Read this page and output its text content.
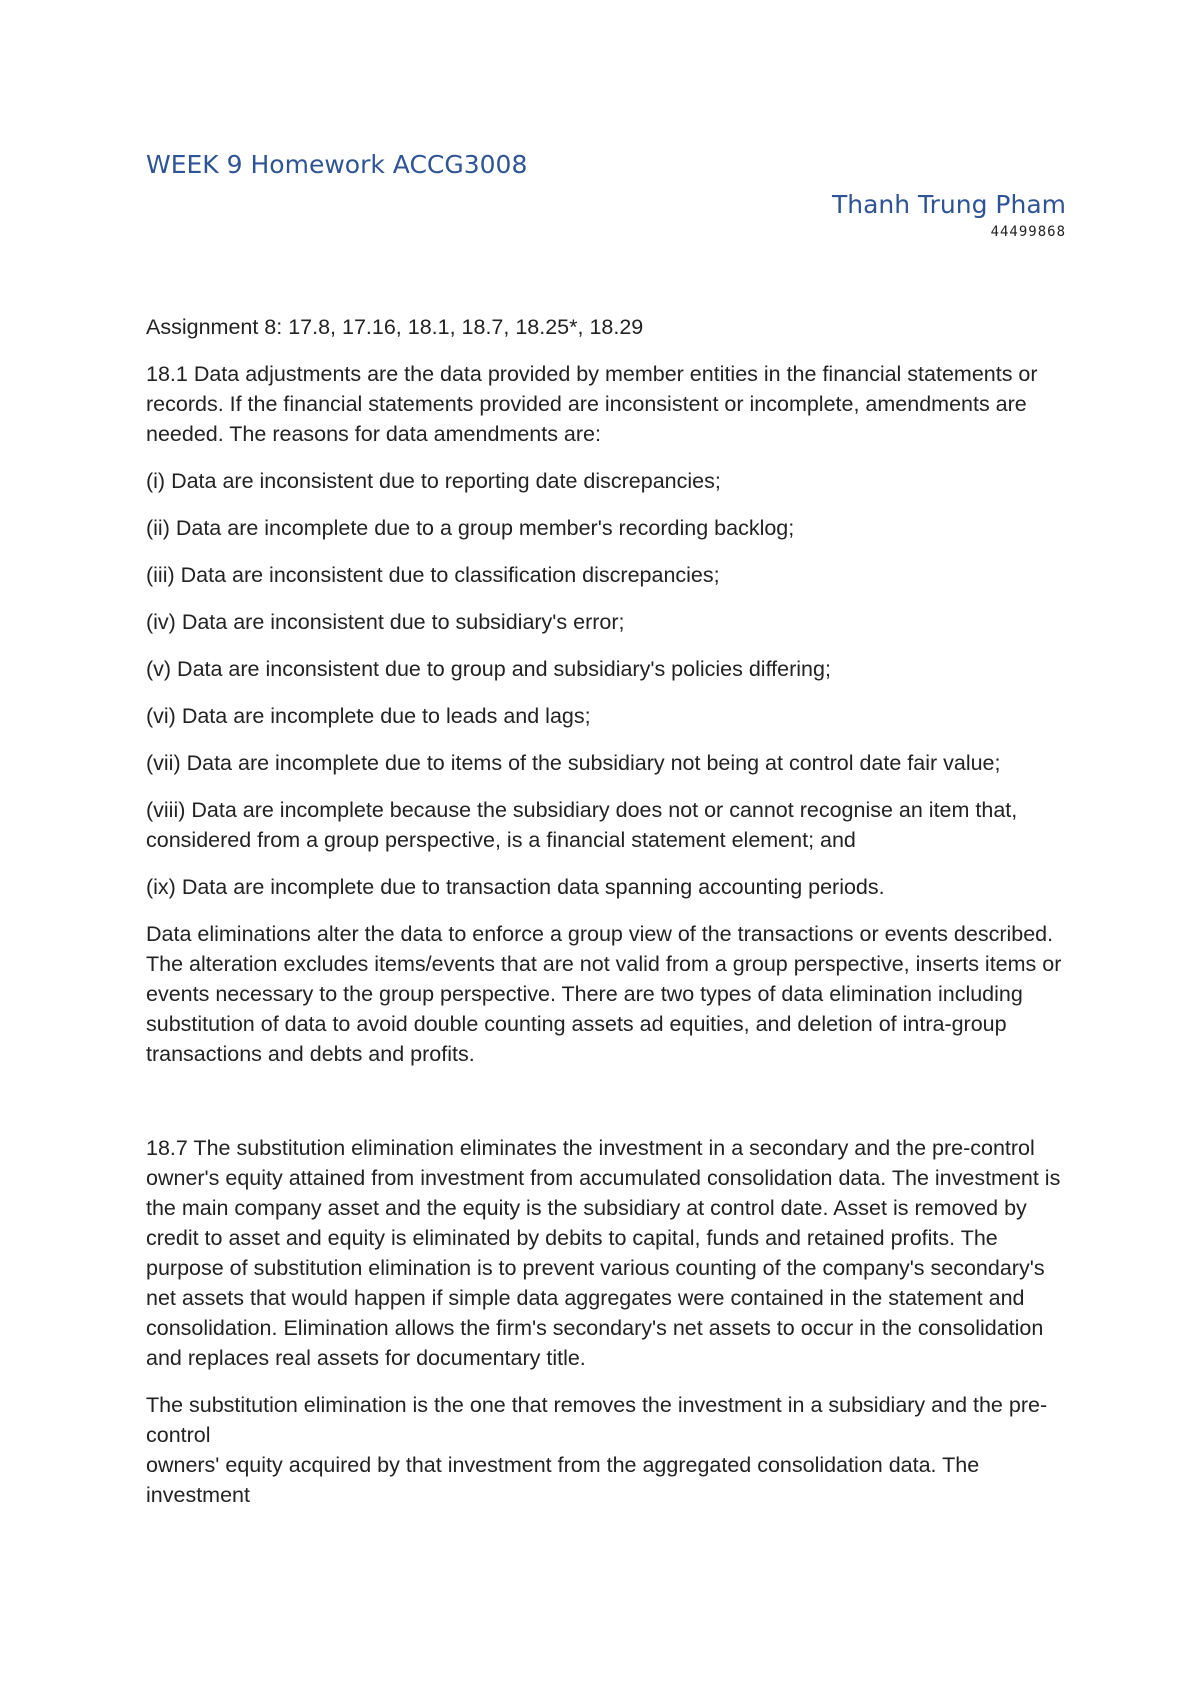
WEEK 9 Homework ACCG3008
Thanh Trung Pham
44499868

Assignment 8: 17.8, 17.16, 18.1, 18.7, 18.25*, 18.29

18.1 Data adjustments are the data provided by member entities in the financial statements or records. If the financial statements provided are inconsistent or incomplete, amendments are needed. The reasons for data amendments are:

(i) Data are inconsistent due to reporting date discrepancies;

(ii) Data are incomplete due to a group member's recording backlog;

(iii) Data are inconsistent due to classification discrepancies;

(iv) Data are inconsistent due to subsidiary's error;

(v) Data are inconsistent due to group and subsidiary's policies differing;

(vi) Data are incomplete due to leads and lags;

(vii) Data are incomplete due to items of the subsidiary not being at control date fair value;

(viii) Data are incomplete because the subsidiary does not or cannot recognise an item that, considered from a group perspective, is a financial statement element; and

(ix) Data are incomplete due to transaction data spanning accounting periods.

Data eliminations alter the data to enforce a group view of the transactions or events described. The alteration excludes items/events that are not valid from a group perspective, inserts items or events necessary to the group perspective. There are two types of data elimination including substitution of data to avoid double counting assets ad equities, and deletion of intra-group transactions and debts and profits.

18.7 The substitution elimination eliminates the investment in a secondary and the pre-control owner's equity attained from investment from accumulated consolidation data. The investment is the main company asset and the equity is the subsidiary at control date. Asset is removed by credit to asset and equity is eliminated by debits to capital, funds and retained profits. The purpose of substitution elimination is to prevent various counting of the company's secondary's net assets that would happen if simple data aggregates were contained in the statement and consolidation. Elimination allows the firm's secondary's net assets to occur in the consolidation and replaces real assets for documentary title.

The substitution elimination is the one that removes the investment in a subsidiary and the pre-control

owners' equity acquired by that investment from the aggregated consolidation data. The investment
